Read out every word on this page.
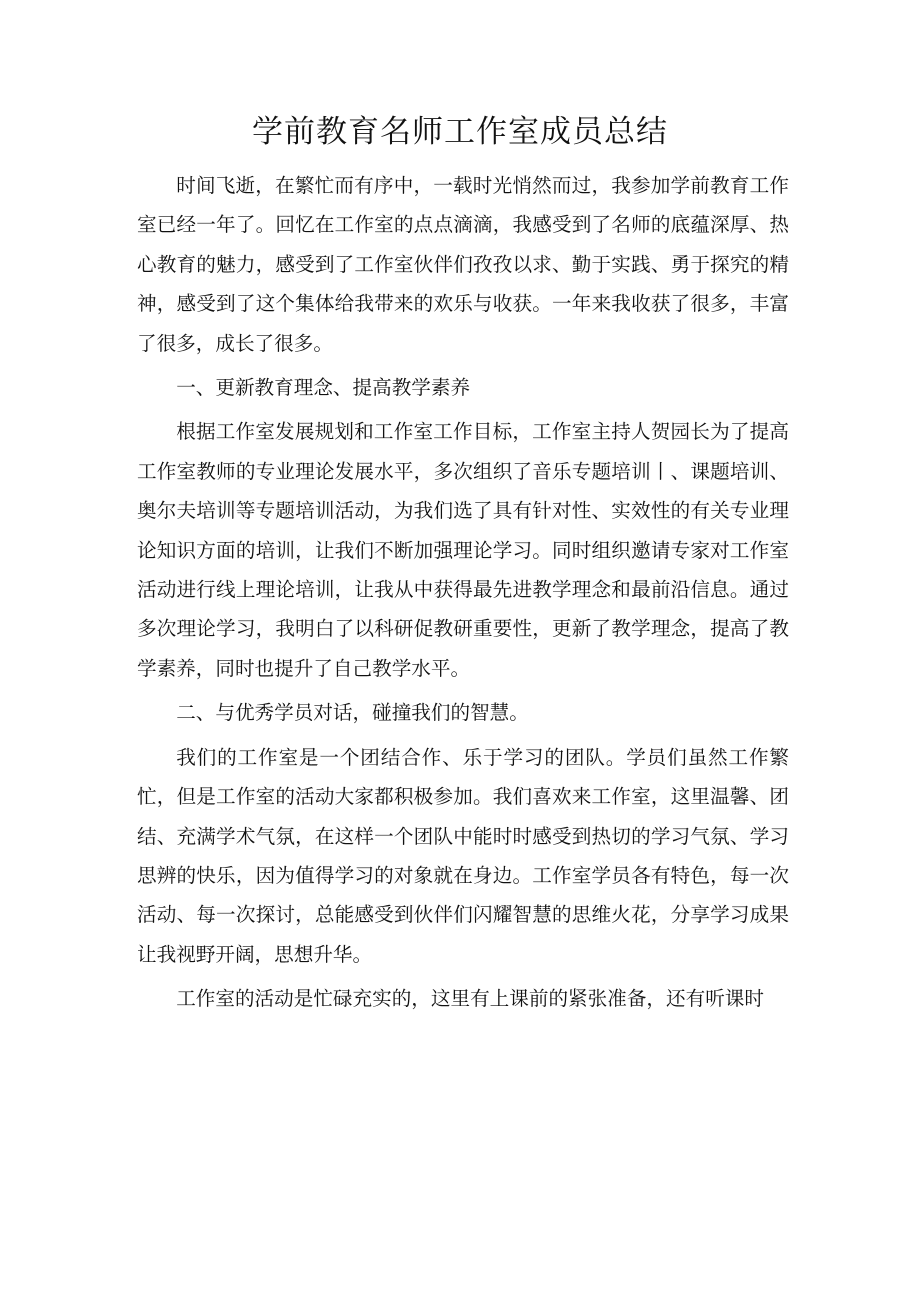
学前教育名师工作室成员总结

时间飞逝，在繁忙而有序中，一载时光悄然而过，我参加学前教育工作室已经一年了。回忆在工作室的点点滴滴，我感受到了名师的底蕴深厚、热心教育的魅力，感受到了工作室伙伴们孜孜以求、勤于实践、勇于探究的精神，感受到了这个集体给我带来的欢乐与收获。一年来我收获了很多，丰富了很多，成长了很多。

一、更新教育理念、提高教学素养

根据工作室发展规划和工作室工作目标，工作室主持人贺园长为了提高工作室教师的专业理论发展水平，多次组织了音乐专题培训丨、课题培训、奥尔夫培训等专题培训活动，为我们选了具有针对性、实效性的有关专业理论知识方面的培训，让我们不断加强理论学习。同时组织邀请专家对工作室活动进行线上理论培训，让我从中获得最先进教学理念和最前沿信息。通过多次理论学习，我明白了以科研促教研重要性，更新了教学理念，提高了教学素养，同时也提升了自己教学水平。

二、与优秀学员对话，碰撞我们的智慧。

我们的工作室是一个团结合作、乐于学习的团队。学员们虽然工作繁忙，但是工作室的活动大家都积极参加。我们喜欢来工作室，这里温馨、团结、充满学术气氛，在这样一个团队中能时时感受到热切的学习气氛、学习思辨的快乐，因为值得学习的对象就在身边。工作室学员各有特色，每一次活动、每一次探讨，总能感受到伙伴们闪耀智慧的思维火花，分享学习成果让我视野开阔，思想升华。

工作室的活动是忙碌充实的，这里有上课前的紧张准备，还有听课时
